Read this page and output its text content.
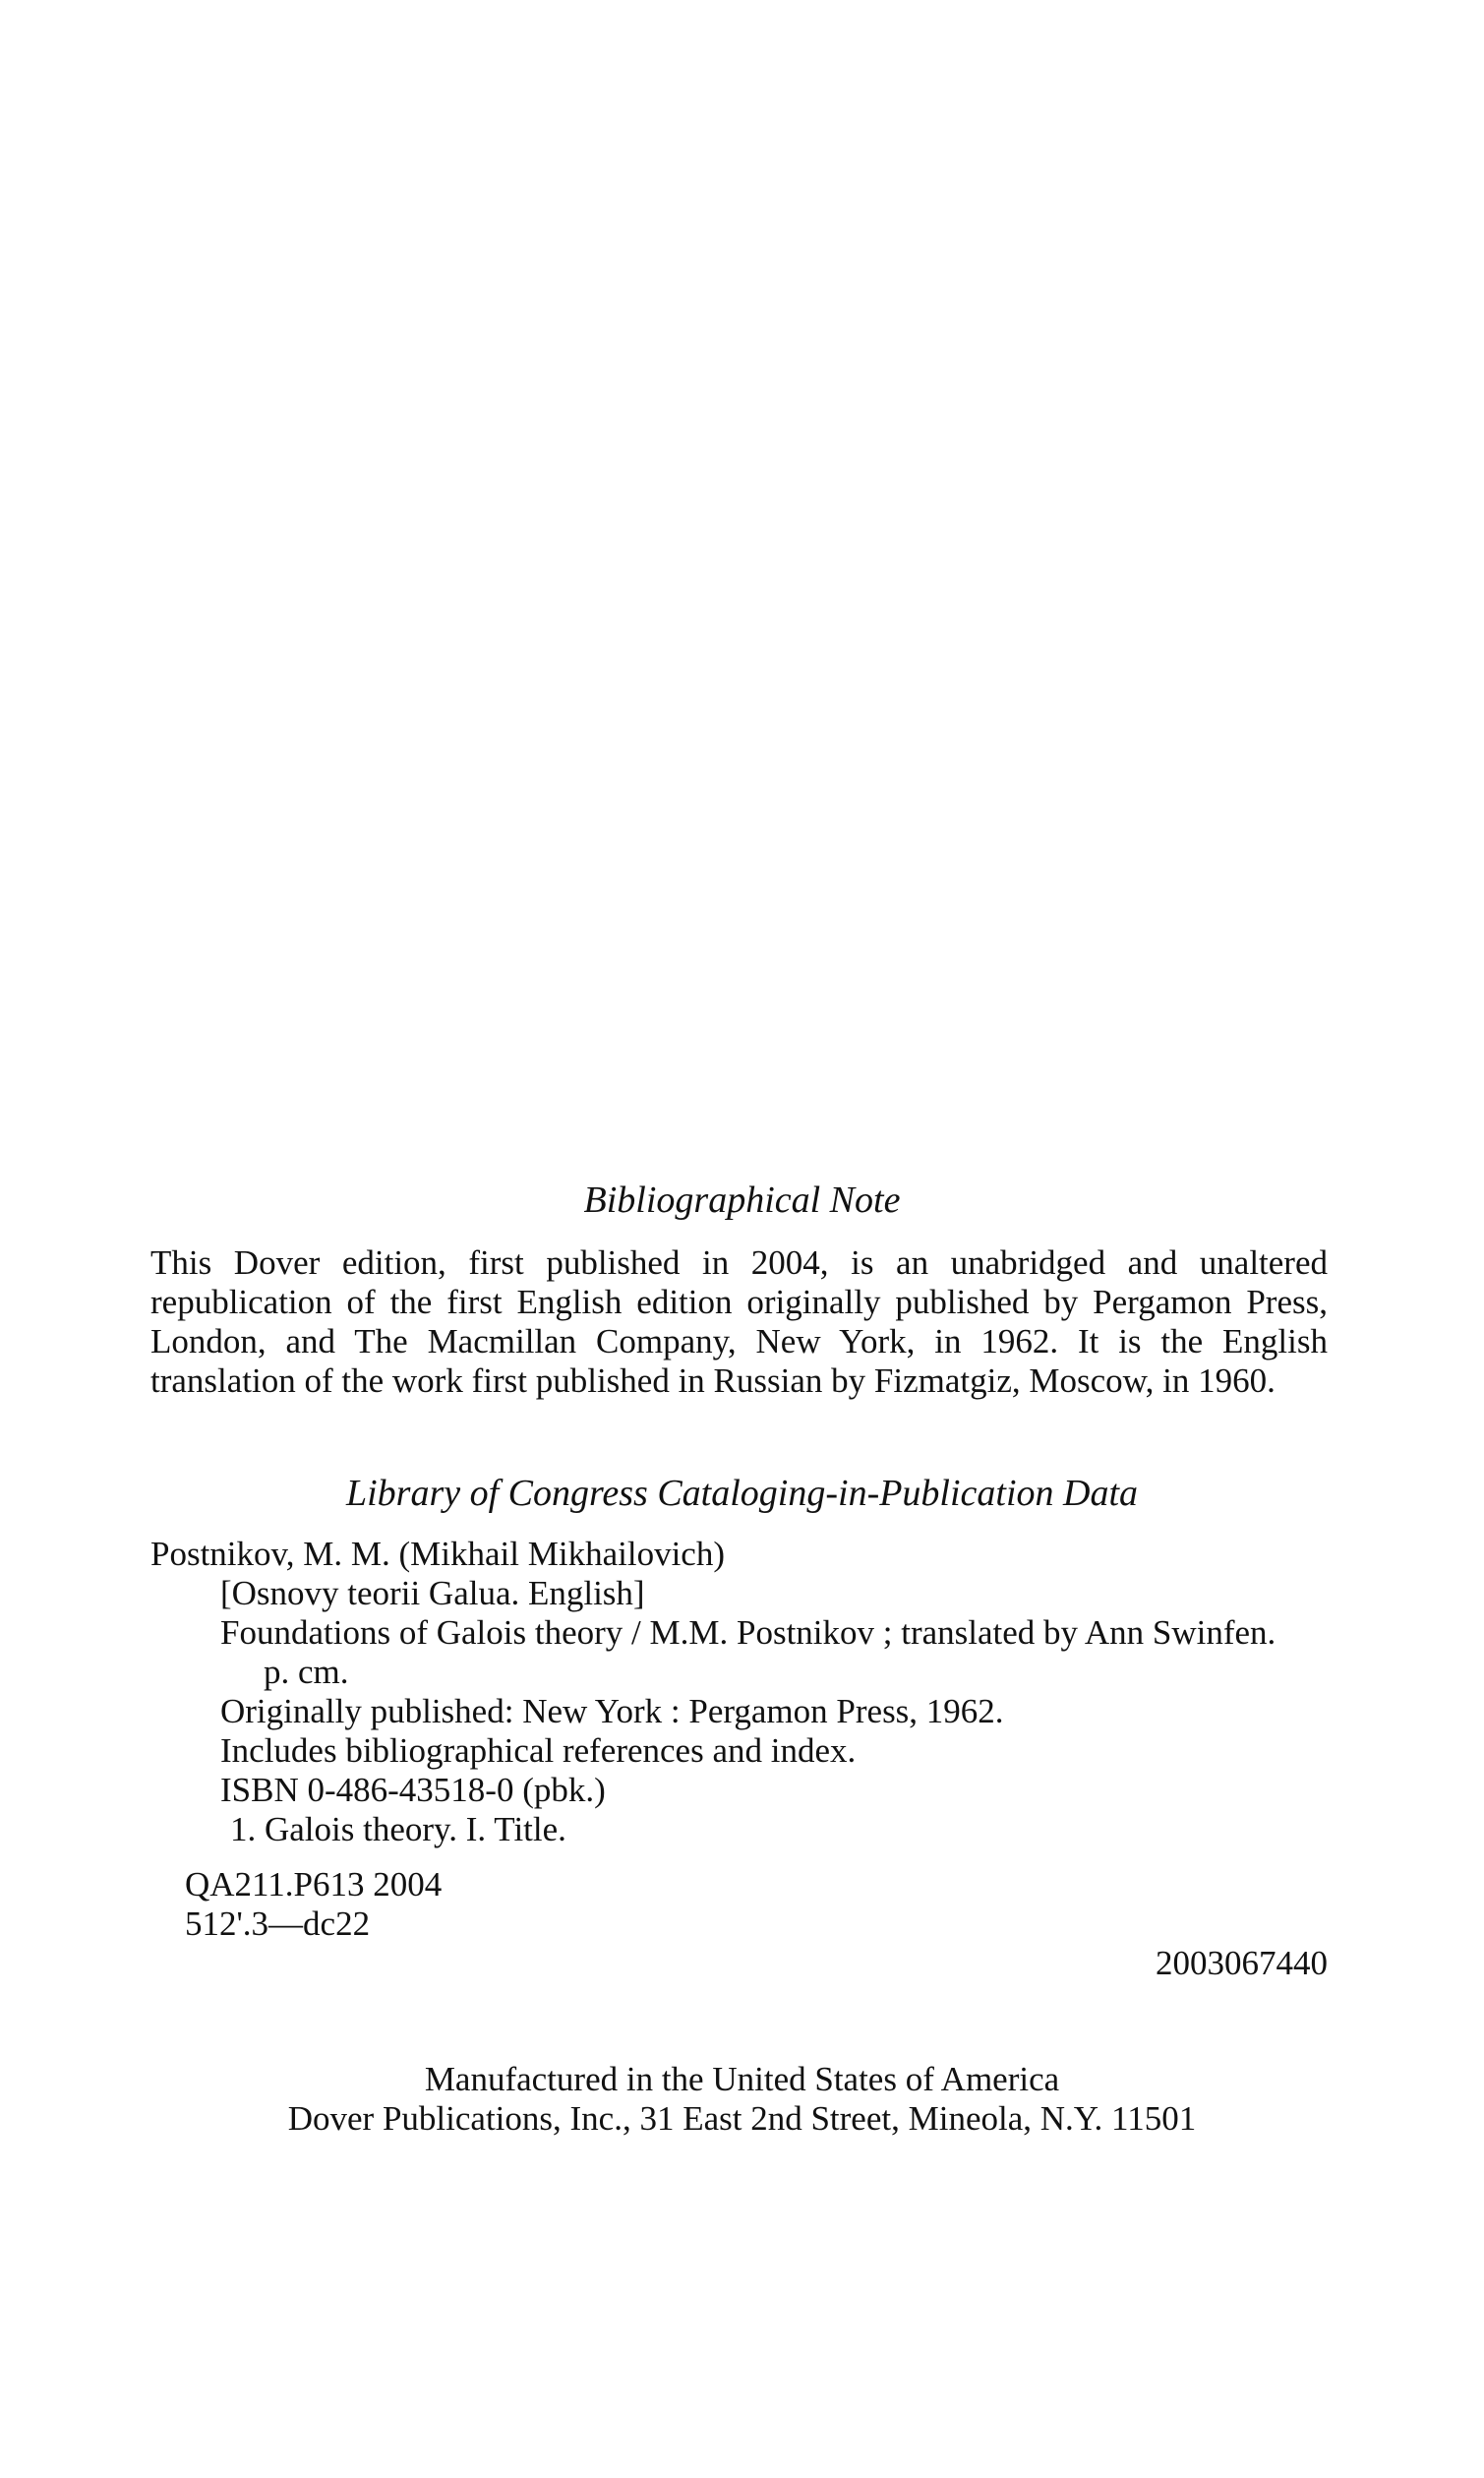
Bibliographical Note
This Dover edition, first published in 2004, is an unabridged and unaltered
republication of the first English edition originally published by Pergamon Press,
London, and The Macmillan Company, New York, in 1962. It is the English
translation of the work first published in Russian by Fizmatgiz, Moscow, in 1960.
Library of Congress Cataloging-in-Publication Data
Postnikov, M. M. (Mikhail Mikhailovich)
[Osnovy teorii Galua. English]
Foundations of Galois theory / M.M. Postnikov ; translated by Ann Swinfen.
p. cm.
Originally published: New York : Pergamon Press, 1962.
Includes bibliographical references and index.
ISBN 0-486-43518-0 (pbk.)
1. Galois theory. I. Title.
QA211.P613 2004
512'.3—dc22
2003067440
Manufactured in the United States of America
Dover Publications, Inc., 31 East 2nd Street, Mineola, N.Y. 11501
